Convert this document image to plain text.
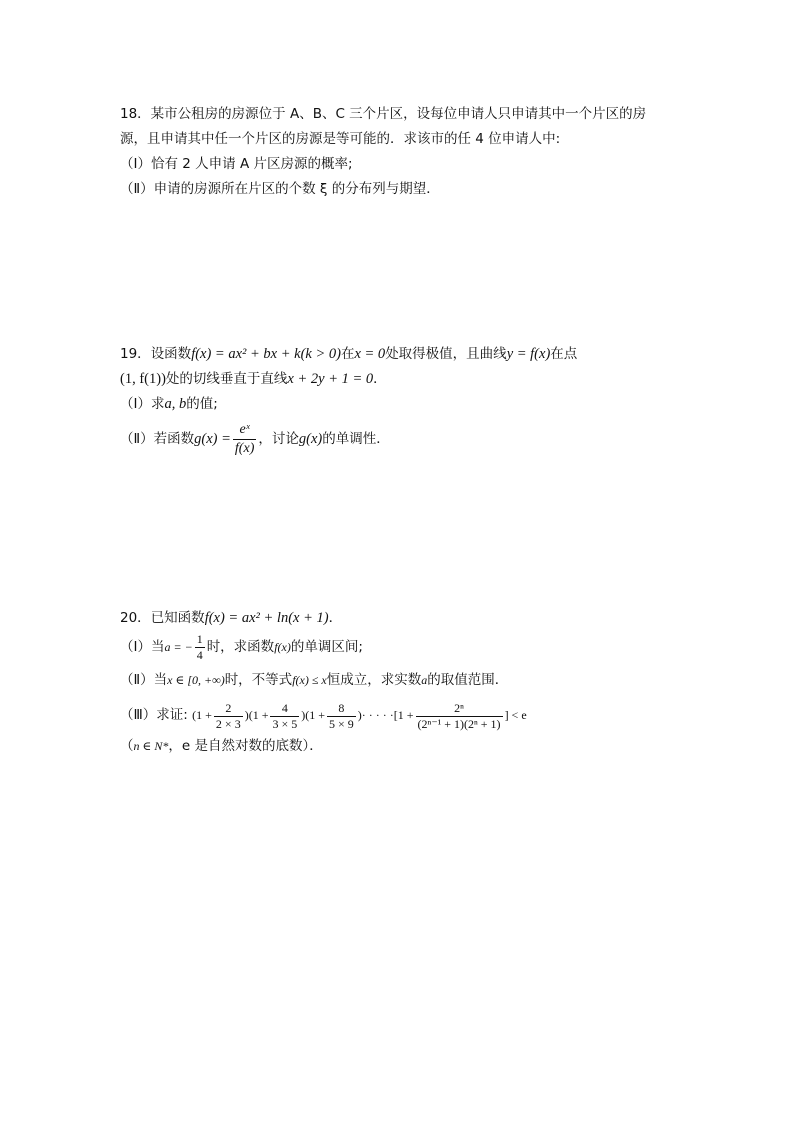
18．某市公租房的房源位于 A、B、C 三个片区，设每位申请人只申请其中一个片区的房
源，且申请其中任一个片区的房源是等可能的．求该市的任 4 位申请人中:
（Ⅰ）恰有 2 人申请 A 片区房源的概率;
（Ⅱ）申请的房源所在片区的个数 ξ 的分布列与期望．
19．设函数f(x) = ax² + bx + k(k > 0)在x = 0处取得极值，且曲线y = f(x)在点
(1, f(1))处的切线垂直于直线x + 2y + 1 = 0．
（Ⅰ）求a, b的值;
（Ⅱ）若函数$g(x) = \frac{\text{eˣ}}{f(x)}$ ，讨论g(x)的单调性．
20．已知函数f(x) = ax² + ln(x + 1)．
（Ⅰ）当a = − $\frac{1}{4}$ 时，求函数f(x)的单调区间;
（Ⅱ）当x ∈ [0, +∞)时，不等式f(x) ≤ x恒成立，求实数a的取值范围．
（Ⅲ）求证: $(1 + \frac{2}{2 \times 3} )(1 + \frac{4}{3 \times 5} )(1 + \frac{8}{5 \times 9}$ )· · · · $\cdot[1 + \frac{\text{2ⁿ}}{\text{(2ⁿ⁻¹ + 1)(2ⁿ + 1)}}$ ] < e
（n ∈ N*，e 是自然对数的底数）．
